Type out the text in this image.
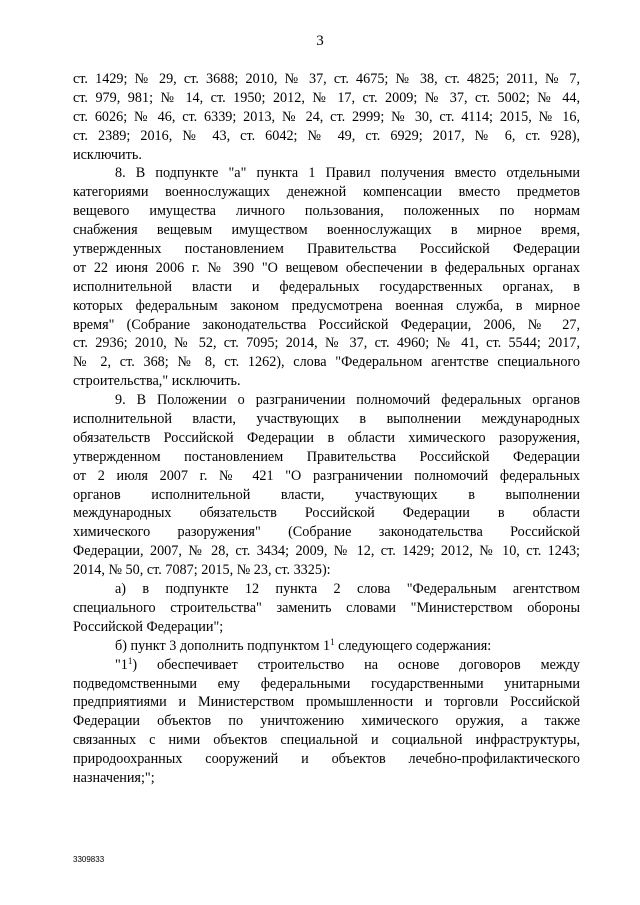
3
ст. 1429; № 29, ст. 3688; 2010, № 37, ст. 4675; № 38, ст. 4825; 2011, № 7,
ст. 979, 981; № 14, ст. 1950; 2012, № 17, ст. 2009; № 37, ст. 5002; № 44,
ст. 6026; № 46, ст. 6339; 2013, № 24, ст. 2999; № 30, ст. 4114; 2015, № 16,
ст. 2389; 2016, № 43, ст. 6042; № 49, ст. 6929; 2017, № 6, ст. 928),
исключить.
8. В подпункте "а" пункта 1 Правил получения вместо отдельными
категориями военнослужащих денежной компенсации вместо предметов
вещевого имущества личного пользования, положенных по нормам
снабжения вещевым имуществом военнослужащих в мирное время,
утвержденных постановлением Правительства Российской Федерации
от 22 июня 2006 г. № 390 "О вещевом обеспечении в федеральных органах
исполнительной власти и федеральных государственных органах, в
которых федеральным законом предусмотрена военная служба, в мирное
время" (Собрание законодательства Российской Федерации, 2006, № 27,
ст. 2936; 2010, № 52, ст. 7095; 2014, № 37, ст. 4960; № 41, ст. 5544; 2017,
№ 2, ст. 368; № 8, ст. 1262), слова "Федеральном агентстве специального
строительства," исключить.
9. В Положении о разграничении полномочий федеральных органов
исполнительной власти, участвующих в выполнении международных
обязательств Российской Федерации в области химического разоружения,
утвержденном постановлением Правительства Российской Федерации
от 2 июля 2007 г. № 421 "О разграничении полномочий федеральных
органов исполнительной власти, участвующих в выполнении
международных обязательств Российской Федерации в области
химического разоружения" (Собрание законодательства Российской
Федерации, 2007, № 28, ст. 3434; 2009, № 12, ст. 1429; 2012, № 10, ст. 1243;
2014, № 50, ст. 7087; 2015, № 23, ст. 3325):
а) в подпункте 12 пункта 2 слова "Федеральным агентством
специального строительства" заменить словами "Министерством обороны
Российской Федерации";
б) пункт 3 дополнить подпунктом $1^1$ следующего содержания:
"$1^1$) обеспечивает строительство на основе договоров между
подведомственными ему федеральными государственными унитарными
предприятиями и Министерством промышленности и торговли Российской
Федерации объектов по уничтожению химического оружия, а также
связанных с ними объектов специальной и социальной инфраструктуры,
природоохранных сооружений и объектов лечебно-профилактического
назначения;";
3309833
